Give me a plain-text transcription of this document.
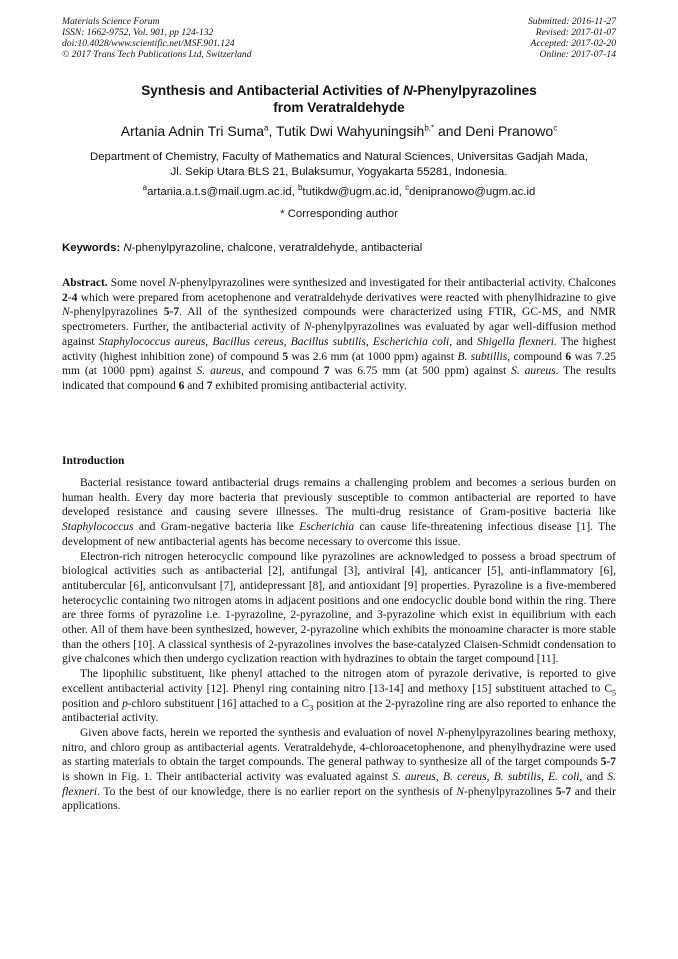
Materials Science Forum
ISSN: 1662-9752, Vol. 901, pp 124-132
doi:10.4028/www.scientific.net/MSF.901.124
© 2017 Trans Tech Publications Ltd, Switzerland
Submitted: 2016-11-27
Revised: 2017-01-07
Accepted: 2017-02-20
Online: 2017-07-14
Synthesis and Antibacterial Activities of N-Phenylpyrazolines
from Veratraldehyde
Artania Adnin Tri Suma$^a$, Tutik Dwi Wahyuningsih$^{b,*}$ and Deni Pranowo$^c$
Department of Chemistry, Faculty of Mathematics and Natural Sciences, Universitas Gadjah Mada,
Jl. Sekip Utara BLS 21, Bulaksumur, Yogyakarta 55281, Indonesia.
$^a$artania.a.t.s@mail.ugm.ac.id, $^b$tutikdw@ugm.ac.id, $^c$denipranowo@ugm.ac.id
* Corresponding author
Keywords: N-phenylpyrazoline, chalcone, veratraldehyde, antibacterial
Abstract. Some novel N-phenylpyrazolines were synthesized and investigated for their antibacterial activity. Chalcones 2-4 which were prepared from acetophenone and veratraldehyde derivatives were reacted with phenylhidrazine to give N-phenylpyrazolines 5-7. All of the synthesized compounds were characterized using FTIR, GC-MS, and NMR spectrometers. Further, the antibacterial activity of N-phenylpyrazolines was evaluated by agar well-diffusion method against Staphylococcus aureus, Bacillus cereus, Bacillus subtilis, Escherichia coli, and Shigella flexneri. The highest activity (highest inhibition zone) of compound 5 was 2.6 mm (at 1000 ppm) against B. subtillis, compound 6 was 7.25 mm (at 1000 ppm) against S. aureus, and compound 7 was 6.75 mm (at 500 ppm) against S. aureus. The results indicated that compound 6 and 7 exhibited promising antibacterial activity.
Introduction

Bacterial resistance toward antibacterial drugs remains a challenging problem and becomes a serious burden on human health. Every day more bacteria that previously susceptible to common antibacterial are reported to have developed resistance and causing severe illnesses. The multi-drug resistance of Gram-positive bacteria like Staphylococcus and Gram-negative bacteria like Escherichia can cause life-threatening infectious disease [1]. The development of new antibacterial agents has become necessary to overcome this issue.

Electron-rich nitrogen heterocyclic compound like pyrazolines are acknowledged to possess a broad spectrum of biological activities such as antibacterial [2], antifungal [3], antiviral [4], anticancer [5], anti-inflammatory [6], antitubercular [6], anticonvulsant [7], antidepressant [8], and antioxidant [9] properties. Pyrazoline is a five-membered heterocyclic containing two nitrogen atoms in adjacent positions and one endocyclic double bond within the ring. There are three forms of pyrazoline i.e. 1-pyrazoline, 2-pyrazoline, and 3-pyrazoline which exist in equilibrium with each other. All of them have been synthesized, however, 2-pyrazoline which exhibits the monoamine character is more stable than the others [10]. A classical synthesis of 2-pyrazolines involves the base-catalyzed Claisen-Schmidt condensation to give chalcones which then undergo cyclization reaction with hydrazines to obtain the target compound [11].

The lipophilic substituent, like phenyl attached to the nitrogen atom of pyrazole derivative, is reported to give excellent antibacterial activity [12]. Phenyl ring containing nitro [13-14] and methoxy [15] substituent attached to $C_5$ position and p-chloro substituent [16] attached to a $C_3$ position at the 2-pyrazoline ring are also reported to enhance the antibacterial activity.

Given above facts, herein we reported the synthesis and evaluation of novel N-phenylpyrazolines bearing methoxy, nitro, and chloro group as antibacterial agents. Veratraldehyde, 4-chloroacetophenone, and phenylhydrazine were used as starting materials to obtain the target compounds. The general pathway to synthesize all of the target compounds 5-7 is shown in Fig. 1. Their antibacterial activity was evaluated against S. aureus, B. cereus, B. subtilis, E. coli, and S. flexneri. To the best of our knowledge, there is no earlier report on the synthesis of N-phenylpyrazolines 5-7 and their applications.
